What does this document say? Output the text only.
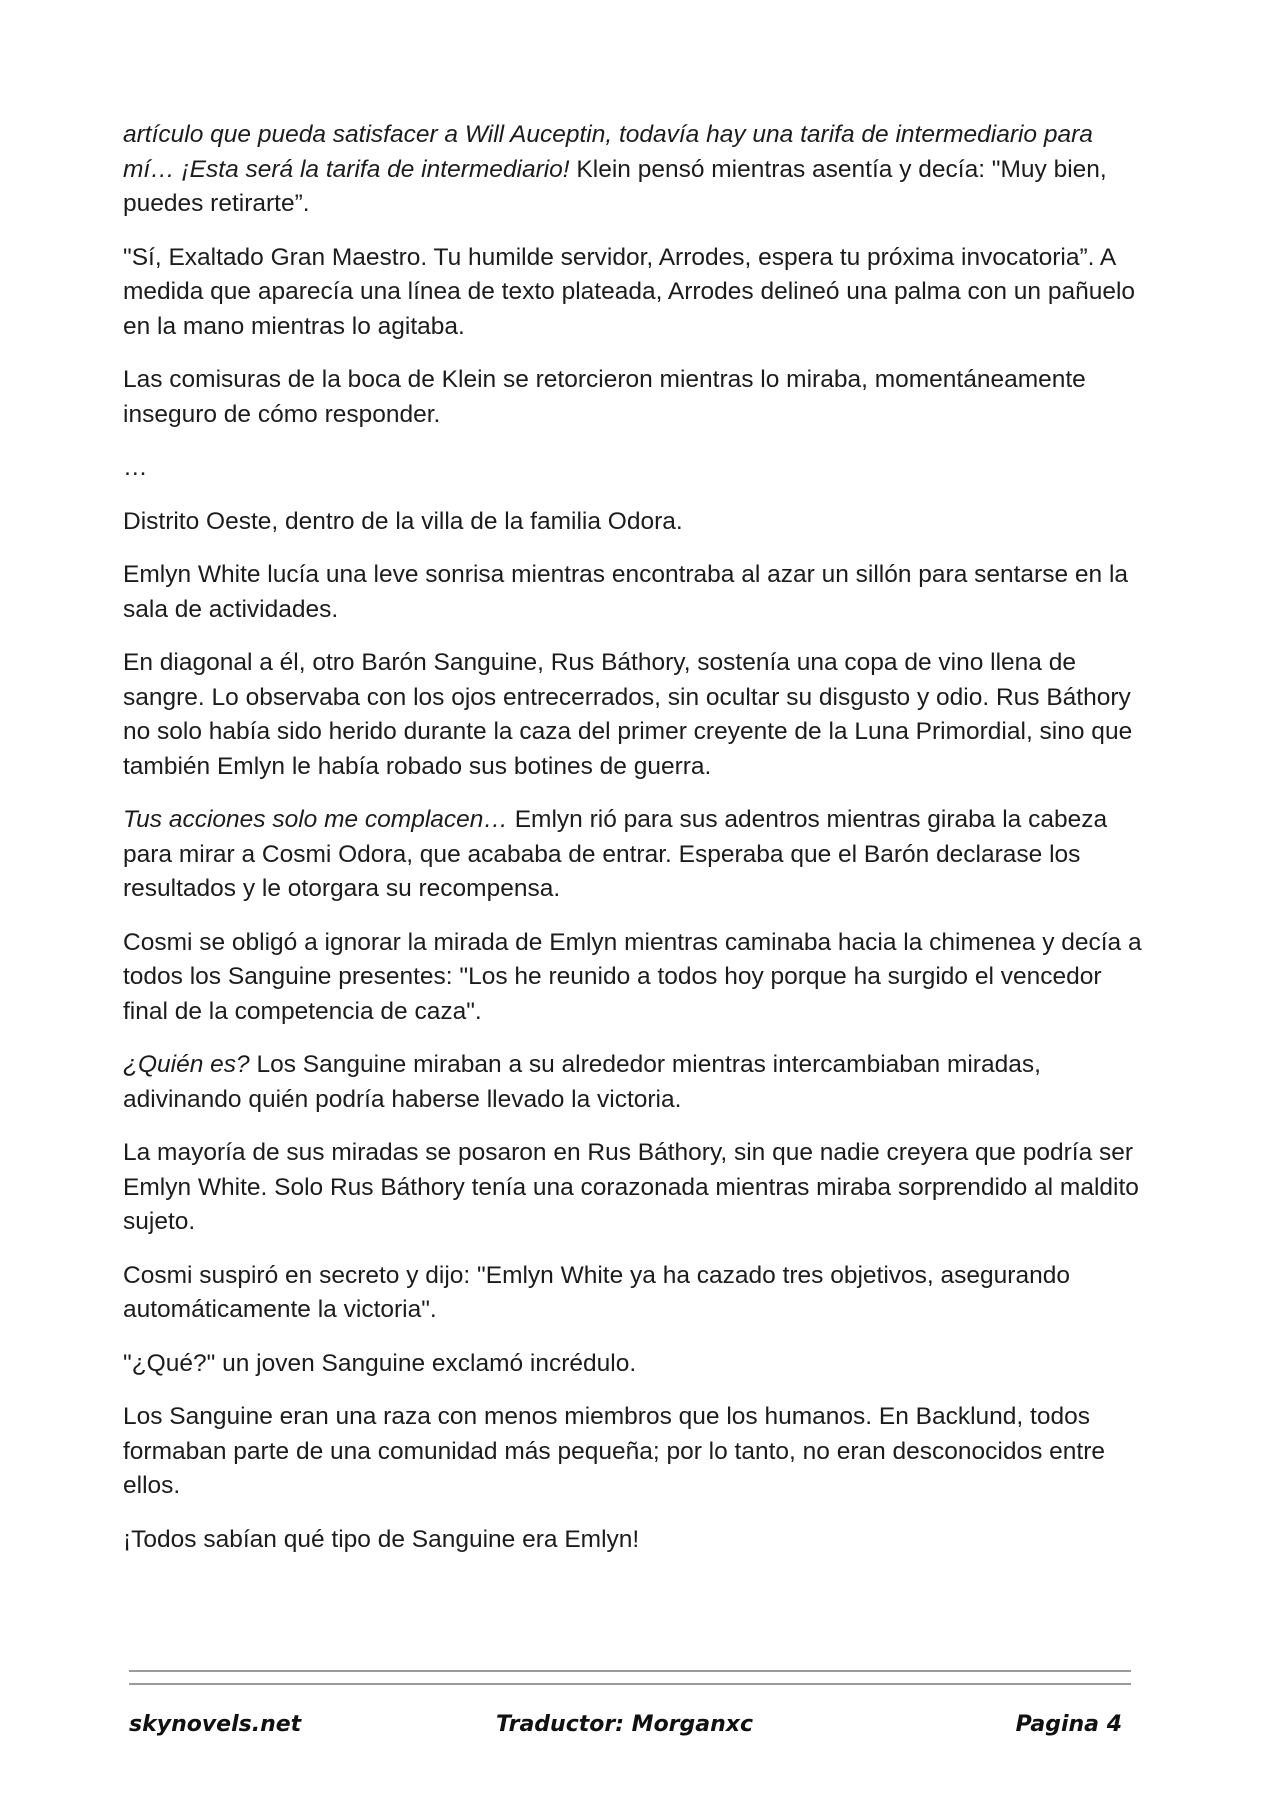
artículo que pueda satisfacer a Will Auceptin, todavía hay una tarifa de intermediario para mí… ¡Esta será la tarifa de intermediario! Klein pensó mientras asentía y decía: "Muy bien, puedes retirarte”.

"Sí, Exaltado Gran Maestro. Tu humilde servidor, Arrodes, espera tu próxima invocatoria”. A medida que aparecía una línea de texto plateada, Arrodes delineó una palma con un pañuelo en la mano mientras lo agitaba.

Las comisuras de la boca de Klein se retorcieron mientras lo miraba, momentáneamente inseguro de cómo responder.

…

Distrito Oeste, dentro de la villa de la familia Odora.

Emlyn White lucía una leve sonrisa mientras encontraba al azar un sillón para sentarse en la sala de actividades.

En diagonal a él, otro Barón Sanguine, Rus Báthory, sostenía una copa de vino llena de sangre. Lo observaba con los ojos entrecerrados, sin ocultar su disgusto y odio. Rus Báthory no solo había sido herido durante la caza del primer creyente de la Luna Primordial, sino que también Emlyn le había robado sus botines de guerra.

Tus acciones solo me complacen… Emlyn rió para sus adentros mientras giraba la cabeza para mirar a Cosmi Odora, que acababa de entrar. Esperaba que el Barón declarase los resultados y le otorgara su recompensa.

Cosmi se obligó a ignorar la mirada de Emlyn mientras caminaba hacia la chimenea y decía a todos los Sanguine presentes: "Los he reunido a todos hoy porque ha surgido el vencedor final de la competencia de caza".

¿Quién es? Los Sanguine miraban a su alrededor mientras intercambiaban miradas, adivinando quién podría haberse llevado la victoria.

La mayoría de sus miradas se posaron en Rus Báthory, sin que nadie creyera que podría ser Emlyn White. Solo Rus Báthory tenía una corazonada mientras miraba sorprendido al maldito sujeto.

Cosmi suspiró en secreto y dijo: "Emlyn White ya ha cazado tres objetivos, asegurando automáticamente la victoria".

"¿Qué?" un joven Sanguine exclamó incrédulo.

Los Sanguine eran una raza con menos miembros que los humanos. En Backlund, todos formaban parte de una comunidad más pequeña; por lo tanto, no eran desconocidos entre ellos.

¡Todos sabían qué tipo de Sanguine era Emlyn!

skynovels.net	Traductor: Morganxc	Pagina 4
